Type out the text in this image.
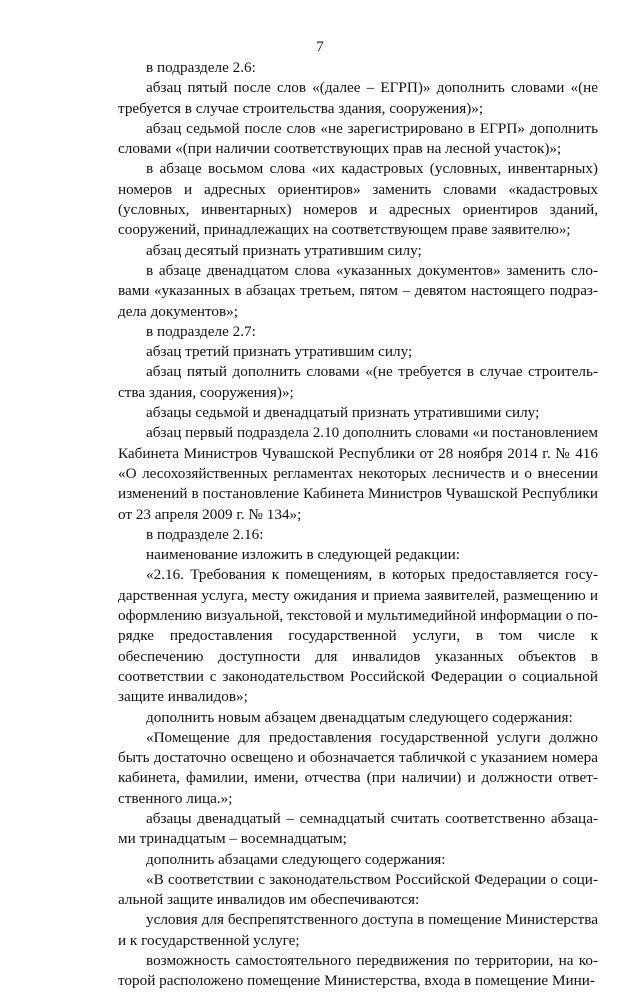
7

в подразделе 2.6:

абзац пятый после слов «(далее – ЕГРП)» дополнить словами «(не требуется в случае строительства здания, сооружения)»;

абзац седьмой после слов «не зарегистрировано в ЕГРП» дополнить словами «(при наличии соответствующих прав на лесной участок)»;

в абзаце восьмом слова «их кадастровых (условных, инвентарных) номеров и адресных ориентиров» заменить словами «кадастровых (условных, инвентарных) номеров и адресных ориентиров зданий, сооружений, принадлежащих на соответствующем праве заявителю»;

абзац десятый признать утратившим силу;

в абзаце двенадцатом слова «указанных документов» заменить словами «указанных в абзацах третьем, пятом – девятом настоящего подраздела документов»;

в подразделе 2.7:

абзац третий признать утратившим силу;

абзац пятый дополнить словами «(не требуется в случае строительства здания, сооружения)»;

абзацы седьмой и двенадцатый признать утратившими силу;

абзац первый подраздела 2.10 дополнить словами «и постановлением Кабинета Министров Чувашской Республики от 28 ноября 2014 г. № 416 «О лесохозяйственных регламентах некоторых лесничеств и о внесении изменений в постановление Кабинета Министров Чувашской Республики от 23 апреля 2009 г. № 134»;

в подразделе 2.16:

наименование изложить в следующей редакции:

«2.16. Требования к помещениям, в которых предоставляется государственная услуга, месту ожидания и приема заявителей, размещению и оформлению визуальной, текстовой и мультимедийной информации о порядке предоставления государственной услуги, в том числе к обеспечению доступности для инвалидов указанных объектов в соответствии с законодательством Российской Федерации о социальной защите инвалидов»;

дополнить новым абзацем двенадцатым следующего содержания:

«Помещение для предоставления государственной услуги должно быть достаточно освещено и обозначается табличкой с указанием номера кабинета, фамилии, имени, отчества (при наличии) и должности ответственного лица.»;

абзацы двенадцатый – семнадцатый считать соответственно абзацами тринадцатым – восемнадцатым;

дополнить абзацами следующего содержания:

«В соответствии с законодательством Российской Федерации о социальной защите инвалидов им обеспечиваются:

условия для беспрепятственного доступа в помещение Министерства и к государственной услуге;

возможность самостоятельного передвижения по территории, на которой расположено помещение Министерства, входа в помещение Мини-
